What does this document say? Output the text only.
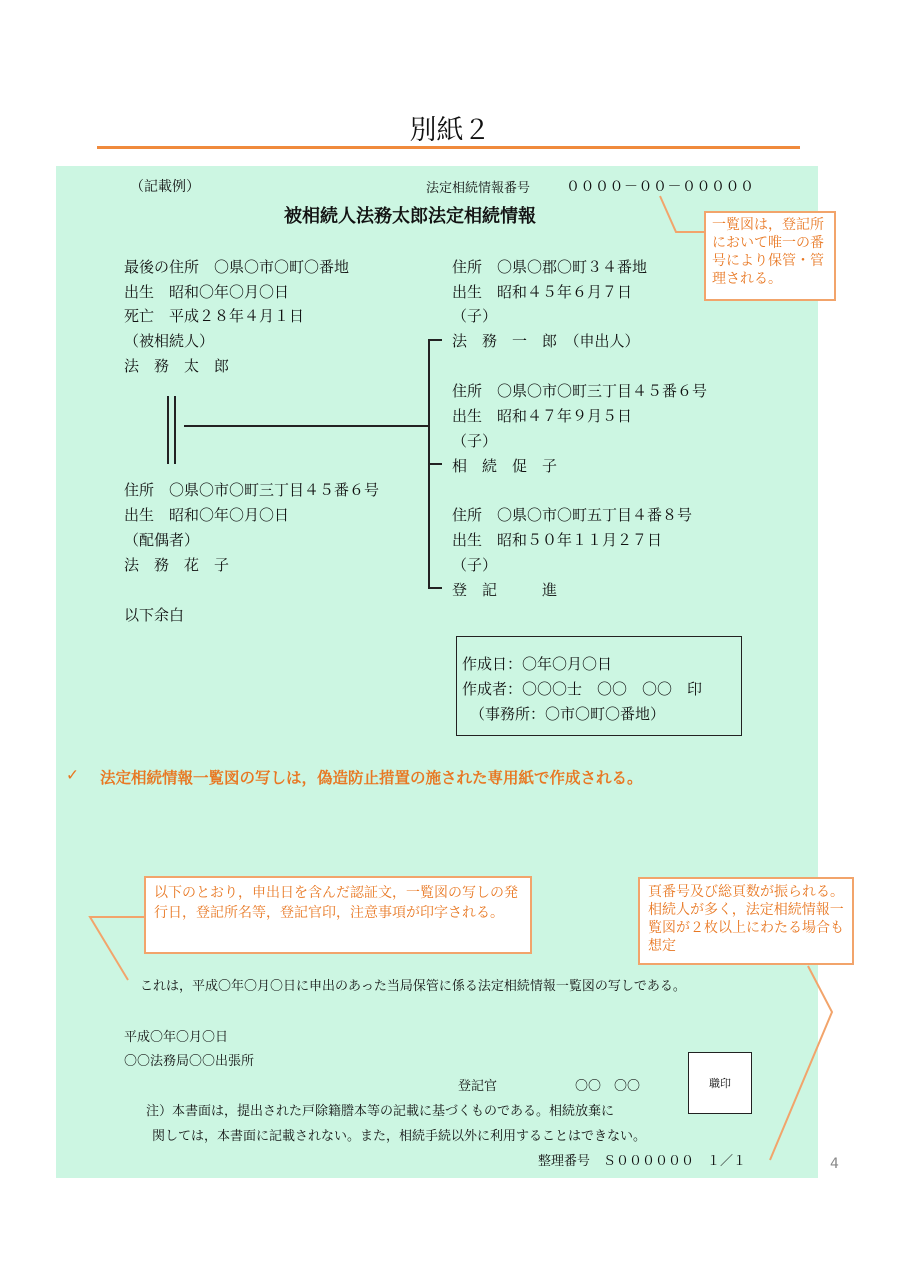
別紙２
（記載例）	法定相続情報番号	００００－００－０００００
被相続人法務太郎法定相続情報
最後の住所　〇県〇市〇町〇番地
出生　昭和〇年〇月〇日
死亡　平成２８年４月１日
（被相続人）
法　務　太　郎
住所　〇県〇市〇町三丁目４５番６号
出生　昭和〇年〇月〇日
（配偶者）
法　務　花　子
以下余白
住所　〇県〇郡〇町３４番地
出生　昭和４５年６月７日
（子）
法　務　一　郎　（申出人）
住所　〇県〇市〇町三丁目４５番６号
出生　昭和４７年９月５日
（子）
相　続　促　子
住所　〇県〇市〇町五丁目４番８号
出生　昭和５０年１１月２７日
（子）
登　記　　　進
作成日：〇年〇月〇日
作成者：〇〇〇士　〇〇　〇〇　印
（事務所：〇市〇町〇番地）
✓ 法定相続情報一覧図の写しは，偽造防止措置の施された専用紙で作成される。
一覧図は，登記所において唯一の番号により保管・管理される。
以下のとおり，申出日を含んだ認証文，一覧図の写しの発行日，登記所名等，登記官印，注意事項が印字される。
頁番号及び総頁数が振られる。相続人が多く，法定相続情報一覧図が２枚以上にわたる場合も想定
これは，平成〇年〇月〇日に申出のあった当局保管に係る法定相続情報一覧図の写しである。
平成〇年〇月〇日
〇〇法務局〇〇出張所
登記官　　　　　　〇〇　〇〇	職印
注）本書面は，提出された戸除籍謄本等の記載に基づくものである。相続放棄に
関しては，本書面に記載されない。また，相続手続以外に利用することはできない。
整理番号　Ｓ００００００　１／１	4
